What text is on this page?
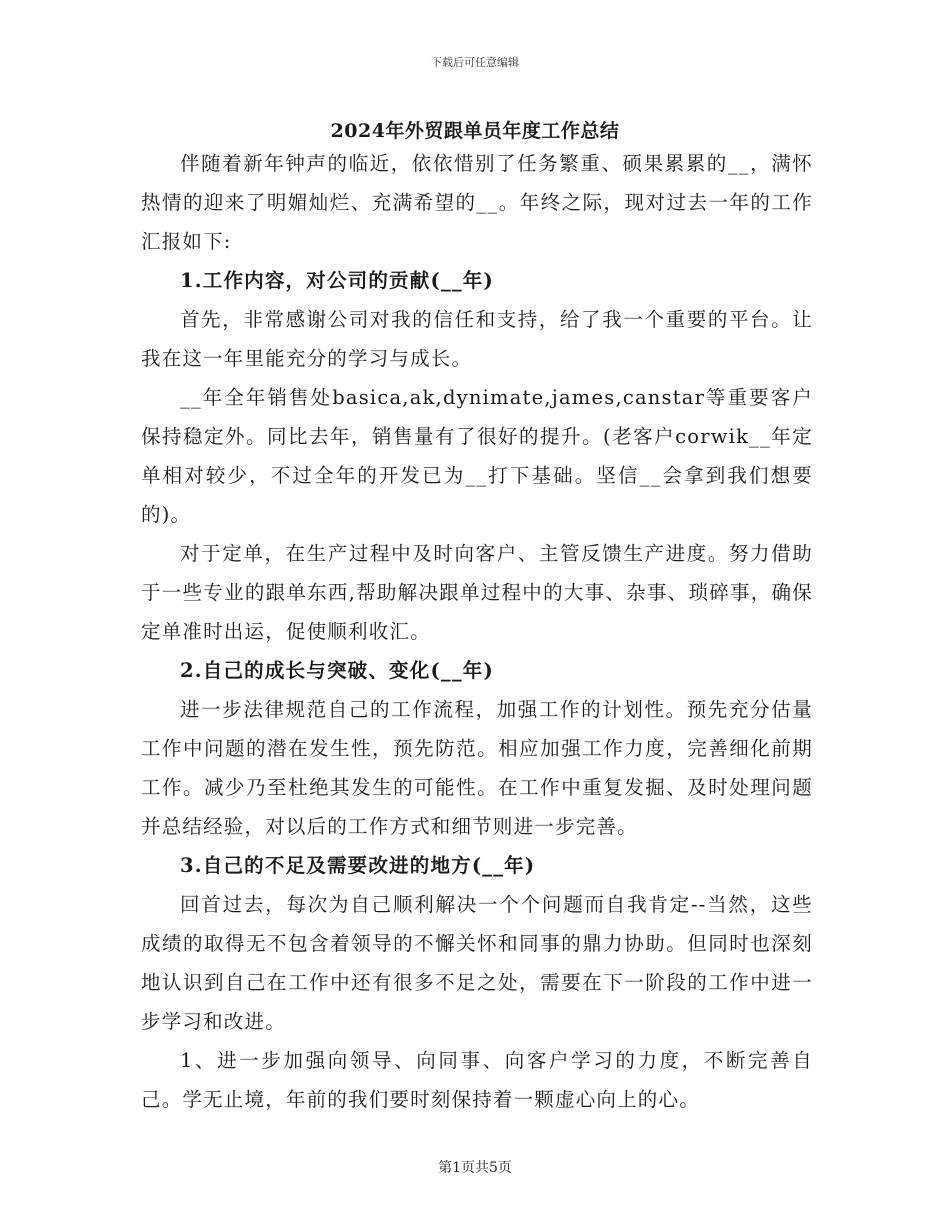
下载后可任意编辑
2024年外贸跟单员年度工作总结

伴随着新年钟声的临近，依依惜别了任务繁重、硕果累累的__，满怀热情的迎来了明媚灿烂、充满希望的__。年终之际，现对过去一年的工作汇报如下:

1.工作内容，对公司的贡献(__年)

首先，非常感谢公司对我的信任和支持，给了我一个重要的平台。让我在这一年里能充分的学习与成长。

__年全年销售处basica,ak,dynimate,james,canstar等重要客户保持稳定外。同比去年，销售量有了很好的提升。(老客户corwik__年定单相对较少，不过全年的开发已为__打下基础。坚信__会拿到我们想要的)。

对于定单，在生产过程中及时向客户、主管反馈生产进度。努力借助于一些专业的跟单东西,帮助解决跟单过程中的大事、杂事、琐碎事，确保定单准时出运，促使顺利收汇。

2.自己的成长与突破、变化(__年)

进一步法律规范自己的工作流程，加强工作的计划性。预先充分估量工作中问题的潜在发生性，预先防范。相应加强工作力度，完善细化前期工作。减少乃至杜绝其发生的可能性。在工作中重复发掘、及时处理问题并总结经验，对以后的工作方式和细节则进一步完善。

3.自己的不足及需要改进的地方(__年)

回首过去，每次为自己顺利解决一个个问题而自我肯定--当然，这些成绩的取得无不包含着领导的不懈关怀和同事的鼎力协助。但同时也深刻地认识到自己在工作中还有很多不足之处，需要在下一阶段的工作中进一步学习和改进。

1、进一步加强向领导、向同事、向客户学习的力度，不断完善自己。学无止境，年前的我们要时刻保持着一颗虚心向上的心。

第1页共5页
